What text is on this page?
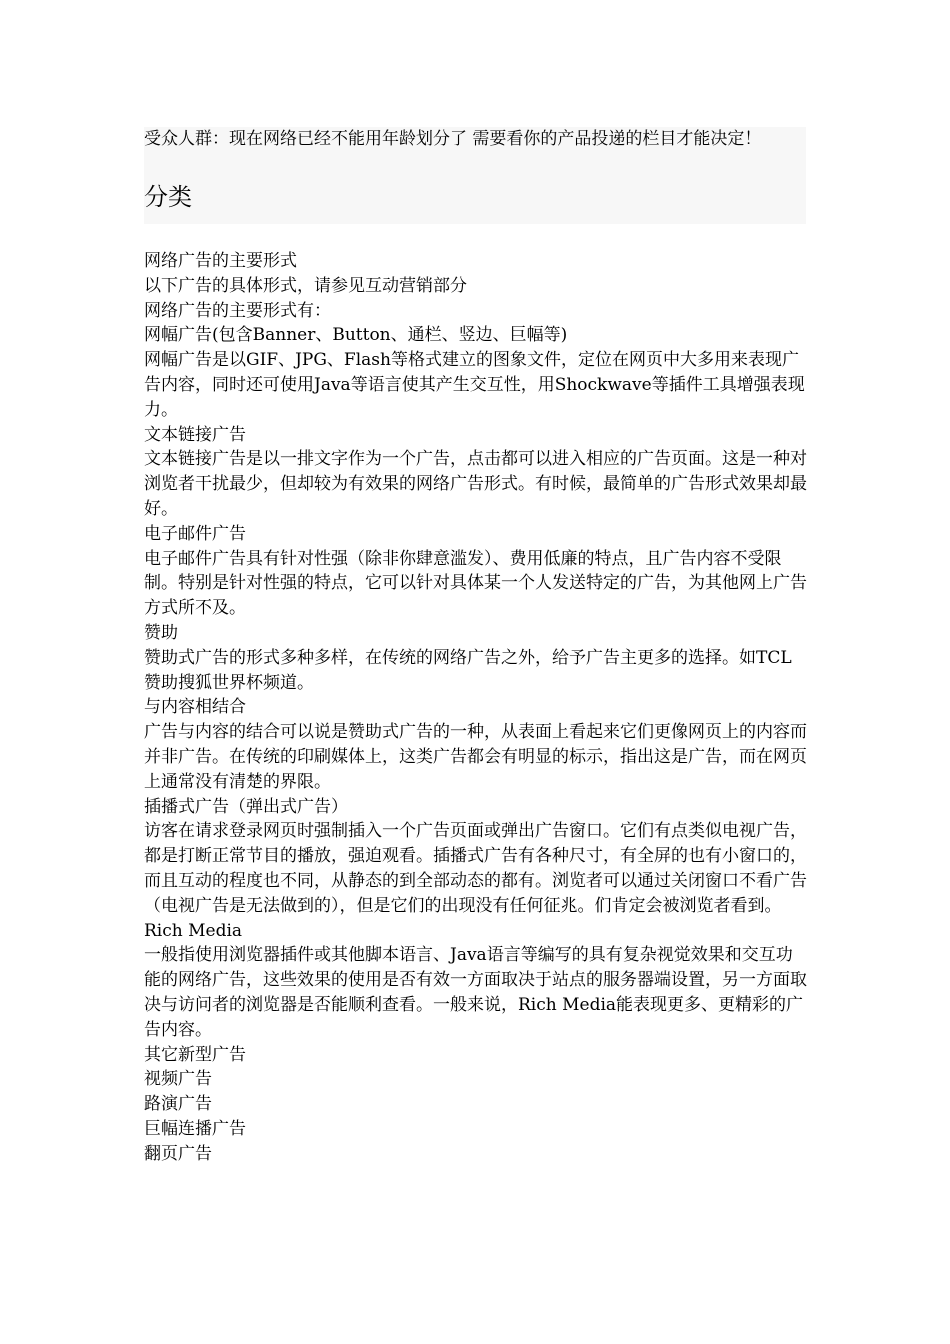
受众人群：现在网络已经不能用年龄划分了 需要看你的产品投递的栏目才能决定！

分类

网络广告的主要形式

以下广告的具体形式，请参见互动营销部分

网络广告的主要形式有：

网幅广告(包含Banner、Button、通栏、竖边、巨幅等)

网幅广告是以GIF、JPG、Flash等格式建立的图象文件，定位在网页中大多用来表现广告内容，同时还可使用Java等语言使其产生交互性，用Shockwave等插件工具增强表现力。

文本链接广告

文本链接广告是以一排文字作为一个广告，点击都可以进入相应的广告页面。这是一种对浏览者干扰最少，但却较为有效果的网络广告形式。有时候，最简单的广告形式效果却最好。

电子邮件广告

电子邮件广告具有针对性强（除非你肆意滥发）、费用低廉的特点，且广告内容不受限制。特别是针对性强的特点，它可以针对具体某一个人发送特定的广告，为其他网上广告方式所不及。

赞助

赞助式广告的形式多种多样，在传统的网络广告之外，给予广告主更多的选择。如TCL赞助搜狐世界杯频道。

与内容相结合

广告与内容的结合可以说是赞助式广告的一种，从表面上看起来它们更像网页上的内容而并非广告。在传统的印刷媒体上，这类广告都会有明显的标示，指出这是广告，而在网页上通常没有清楚的界限。

插播式广告（弹出式广告）

访客在请求登录网页时强制插入一个广告页面或弹出广告窗口。它们有点类似电视广告，都是打断正常节目的播放，强迫观看。插播式广告有各种尺寸，有全屏的也有小窗口的，而且互动的程度也不同，从静态的到全部动态的都有。浏览者可以通过关闭窗口不看广告（电视广告是无法做到的），但是它们的出现没有任何征兆。们肯定会被浏览者看到。

Rich Media

一般指使用浏览器插件或其他脚本语言、Java语言等编写的具有复杂视觉效果和交互功能的网络广告，这些效果的使用是否有效一方面取决于站点的服务器端设置，另一方面取决与访问者的浏览器是否能顺利查看。一般来说，Rich Media能表现更多、更精彩的广告内容。

其它新型广告

视频广告

路演广告

巨幅连播广告

翻页广告
